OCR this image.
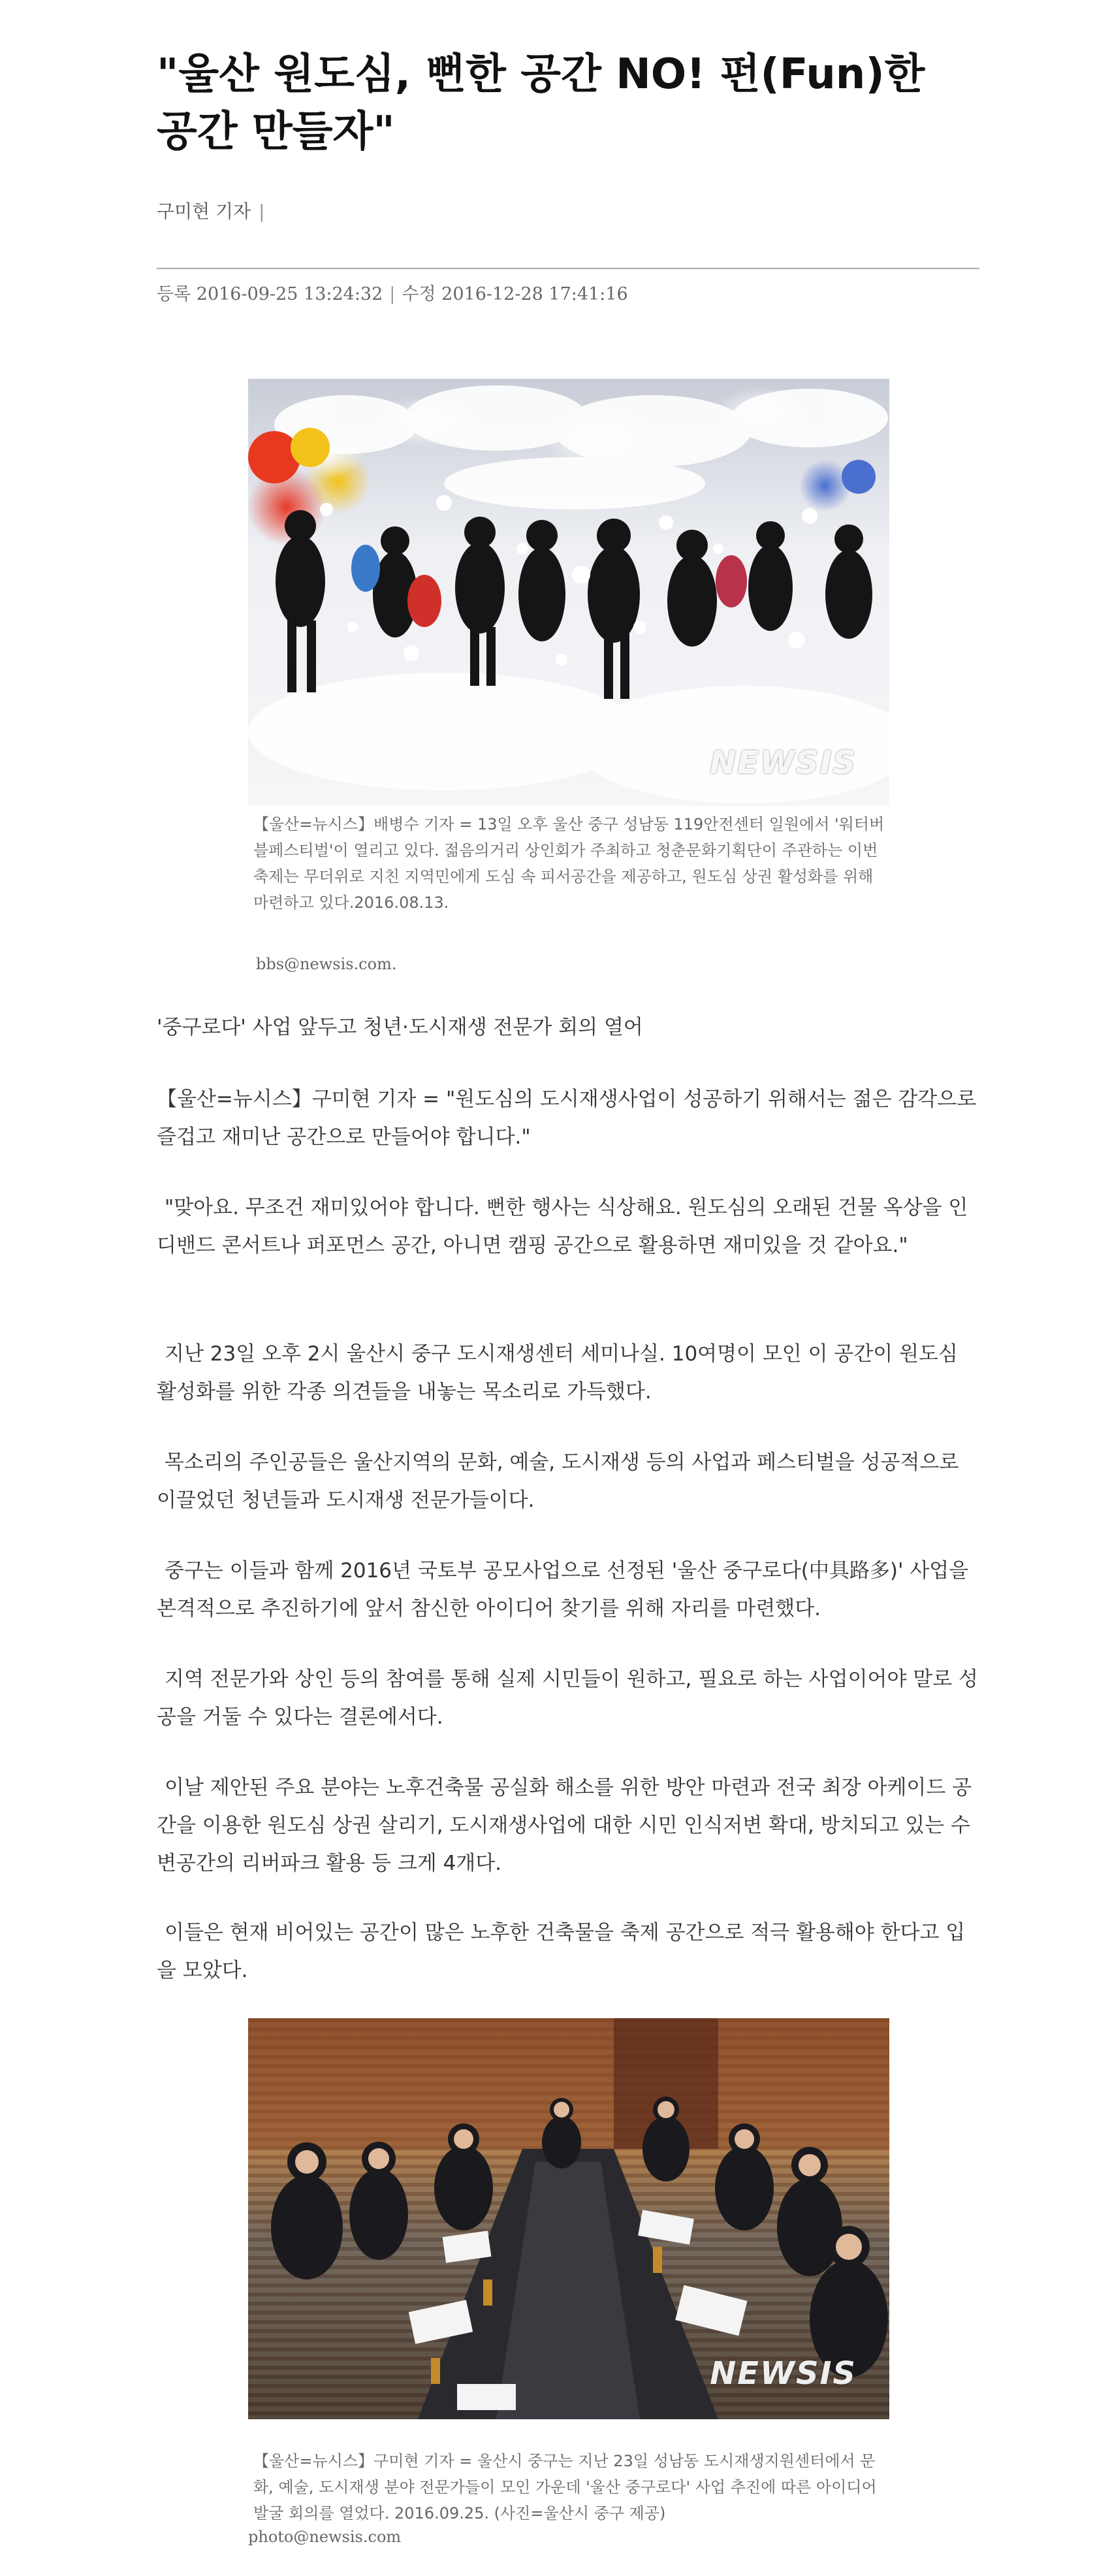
"울산 원도심, 뻔한 공간 NO! 펀(Fun)한 공간 만들자"
구미현 기자 |
등록 2016-09-25 13:24:32 | 수정 2016-12-28 17:41:16
NEWSIS
【울산=뉴시스】배병수 기자 = 13일 오후 울산 중구 성남동 119안전센터 일원에서 '워터버블페스티벌'이 열리고 있다. 젊음의거리 상인회가 주최하고 청춘문화기획단이 주관하는 이번 축제는 무더위로 지친 지역민에게 도심 속 피서공간을 제공하고, 원도심 상권 활성화를 위해 마련하고 있다.2016.08.13.
bbs@newsis.com.

'중구로다' 사업 앞두고 청년·도시재생 전문가 회의 열어

【울산=뉴시스】구미현 기자 = "원도심의 도시재생사업이 성공하기 위해서는 젊은 감각으로 즐겁고 재미난 공간으로 만들어야 합니다."

"맞아요. 무조건 재미있어야 합니다. 뻔한 행사는 식상해요. 원도심의 오래된 건물 옥상을 인디밴드 콘서트나 퍼포먼스 공간, 아니면 캠핑 공간으로 활용하면 재미있을 것 같아요."

지난 23일 오후 2시 울산시 중구 도시재생센터 세미나실. 10여명이 모인 이 공간이 원도심 활성화를 위한 각종 의견들을 내놓는 목소리로 가득했다.

목소리의 주인공들은 울산지역의 문화, 예술, 도시재생 등의 사업과 페스티벌을 성공적으로 이끌었던 청년들과 도시재생 전문가들이다.

중구는 이들과 함께 2016년 국토부 공모사업으로 선정된 '울산 중구로다(中具路多)' 사업을 본격적으로 추진하기에 앞서 참신한 아이디어 찾기를 위해 자리를 마련했다.

지역 전문가와 상인 등의 참여를 통해 실제 시민들이 원하고, 필요로 하는 사업이어야 말로 성공을 거둘 수 있다는 결론에서다.

이날 제안된 주요 분야는 노후건축물 공실화 해소를 위한 방안 마련과 전국 최장 아케이드 공간을 이용한 원도심 상권 살리기, 도시재생사업에 대한 시민 인식저변 확대, 방치되고 있는 수변공간의 리버파크 활용 등 크게 4개다.

이들은 현재 비어있는 공간이 많은 노후한 건축물을 축제 공간으로 적극 활용해야 한다고 입을 모았다.

NEWSIS
【울산=뉴시스】구미현 기자 = 울산시 중구는 지난 23일 성남동 도시재생지원센터에서 문화, 예술, 도시재생 분야 전문가들이 모인 가운데 '울산 중구로다' 사업 추진에 따른 아이디어 발굴 회의를 열었다. 2016.09.25. (사진=울산시 중구 제공)
photo@newsis.com
